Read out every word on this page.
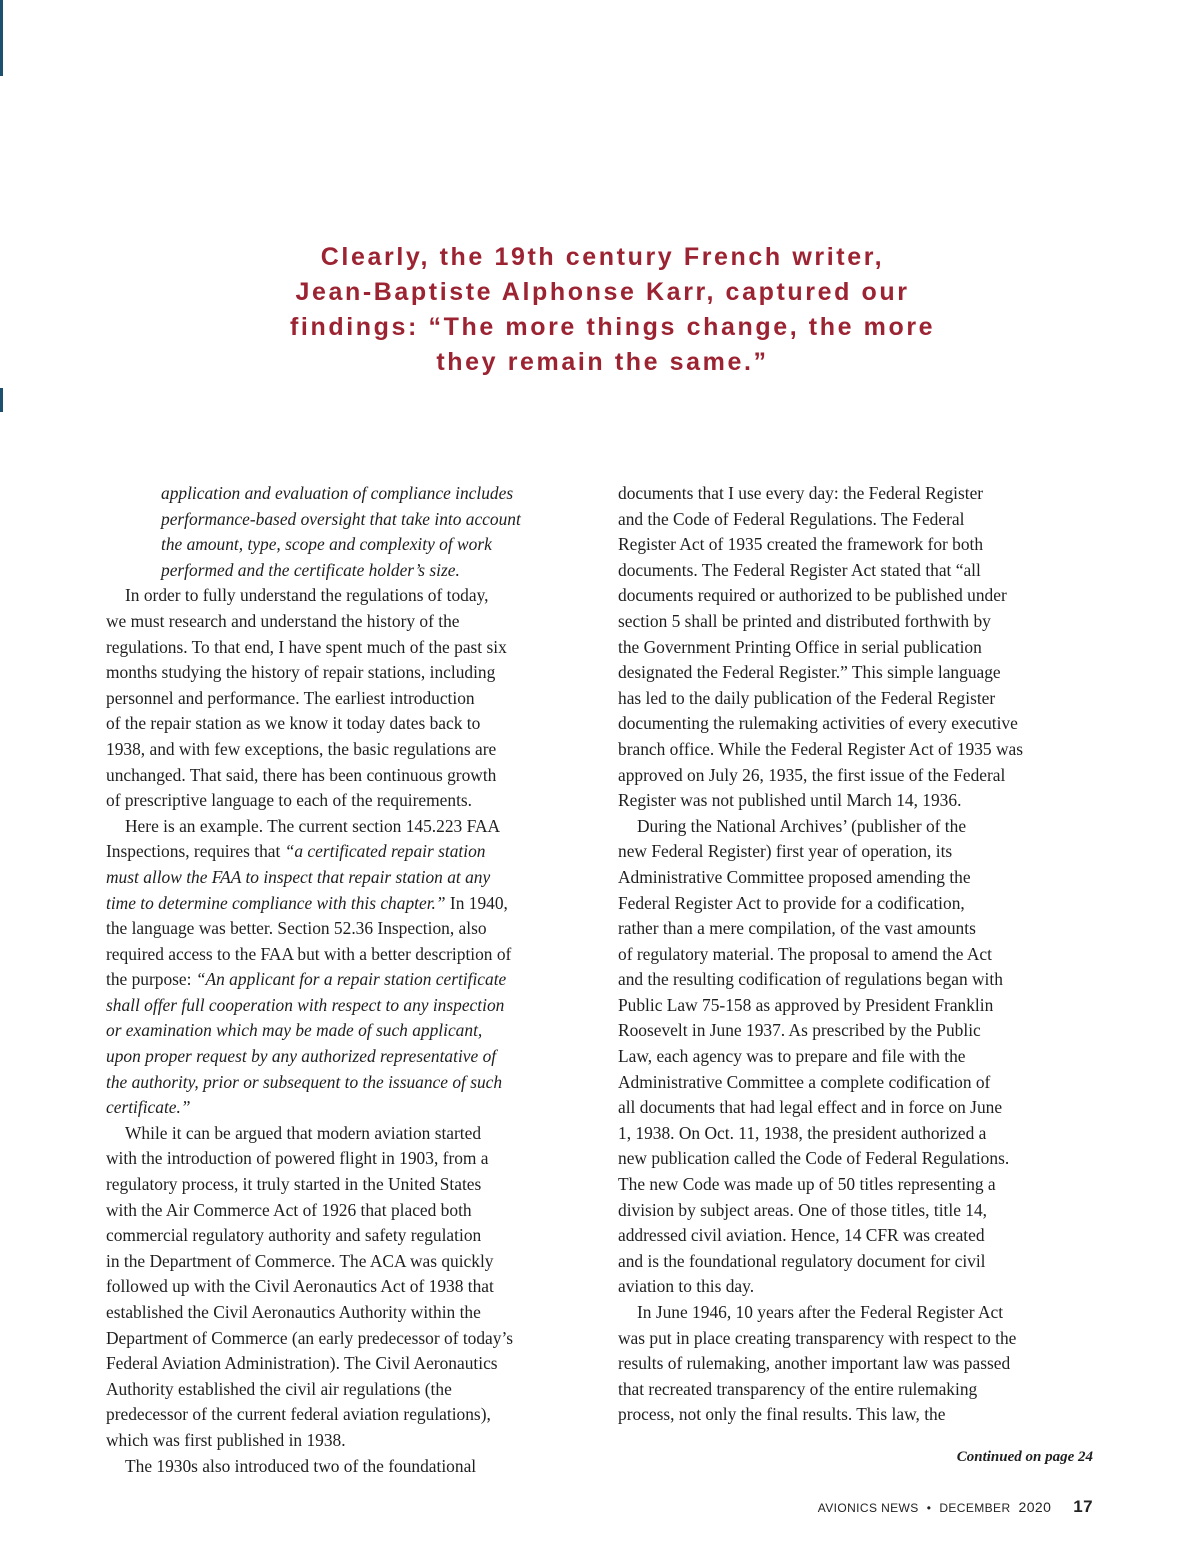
Clearly, the 19th century French writer,
Jean-Baptiste Alphonse Karr, captured our
findings: “The more things change, the more
they remain the same.”
application and evaluation of compliance includes
performance-based oversight that take into account
the amount, type, scope and complexity of work
performed and the certificate holder’s size.
In order to fully understand the regulations of today,
we must research and understand the history of the
regulations. To that end, I have spent much of the past six
months studying the history of repair stations, including
personnel and performance. The earliest introduction
of the repair station as we know it today dates back to
1938, and with few exceptions, the basic regulations are
unchanged. That said, there has been continuous growth
of prescriptive language to each of the requirements.
Here is an example. The current section 145.223 FAA
Inspections, requires that “a certificated repair station
must allow the FAA to inspect that repair station at any
time to determine compliance with this chapter.” In 1940,
the language was better. Section 52.36 Inspection, also
required access to the FAA but with a better description of
the purpose: “An applicant for a repair station certificate
shall offer full cooperation with respect to any inspection
or examination which may be made of such applicant,
upon proper request by any authorized representative of
the authority, prior or subsequent to the issuance of such
certificate.”
While it can be argued that modern aviation started
with the introduction of powered flight in 1903, from a
regulatory process, it truly started in the United States
with the Air Commerce Act of 1926 that placed both
commercial regulatory authority and safety regulation
in the Department of Commerce. The ACA was quickly
followed up with the Civil Aeronautics Act of 1938 that
established the Civil Aeronautics Authority within the
Department of Commerce (an early predecessor of today’s
Federal Aviation Administration). The Civil Aeronautics
Authority established the civil air regulations (the
predecessor of the current federal aviation regulations),
which was first published in 1938.
The 1930s also introduced two of the foundational
documents that I use every day: the Federal Register
and the Code of Federal Regulations. The Federal
Register Act of 1935 created the framework for both
documents. The Federal Register Act stated that “all
documents required or authorized to be published under
section 5 shall be printed and distributed forthwith by
the Government Printing Office in serial publication
designated the Federal Register.” This simple language
has led to the daily publication of the Federal Register
documenting the rulemaking activities of every executive
branch office. While the Federal Register Act of 1935 was
approved on July 26, 1935, the first issue of the Federal
Register was not published until March 14, 1936.
During the National Archives’ (publisher of the
new Federal Register) first year of operation, its
Administrative Committee proposed amending the
Federal Register Act to provide for a codification,
rather than a mere compilation, of the vast amounts
of regulatory material. The proposal to amend the Act
and the resulting codification of regulations began with
Public Law 75-158 as approved by President Franklin
Roosevelt in June 1937. As prescribed by the Public
Law, each agency was to prepare and file with the
Administrative Committee a complete codification of
all documents that had legal effect and in force on June
1, 1938. On Oct. 11, 1938, the president authorized a
new publication called the Code of Federal Regulations.
The new Code was made up of 50 titles representing a
division by subject areas. One of those titles, title 14,
addressed civil aviation. Hence, 14 CFR was created
and is the foundational regulatory document for civil
aviation to this day.
In June 1946, 10 years after the Federal Register Act
was put in place creating transparency with respect to the
results of rulemaking, another important law was passed
that recreated transparency of the entire rulemaking
process, not only the final results. This law, the
Continued on page 24
AVIONICS NEWS • DECEMBER 2020 17
